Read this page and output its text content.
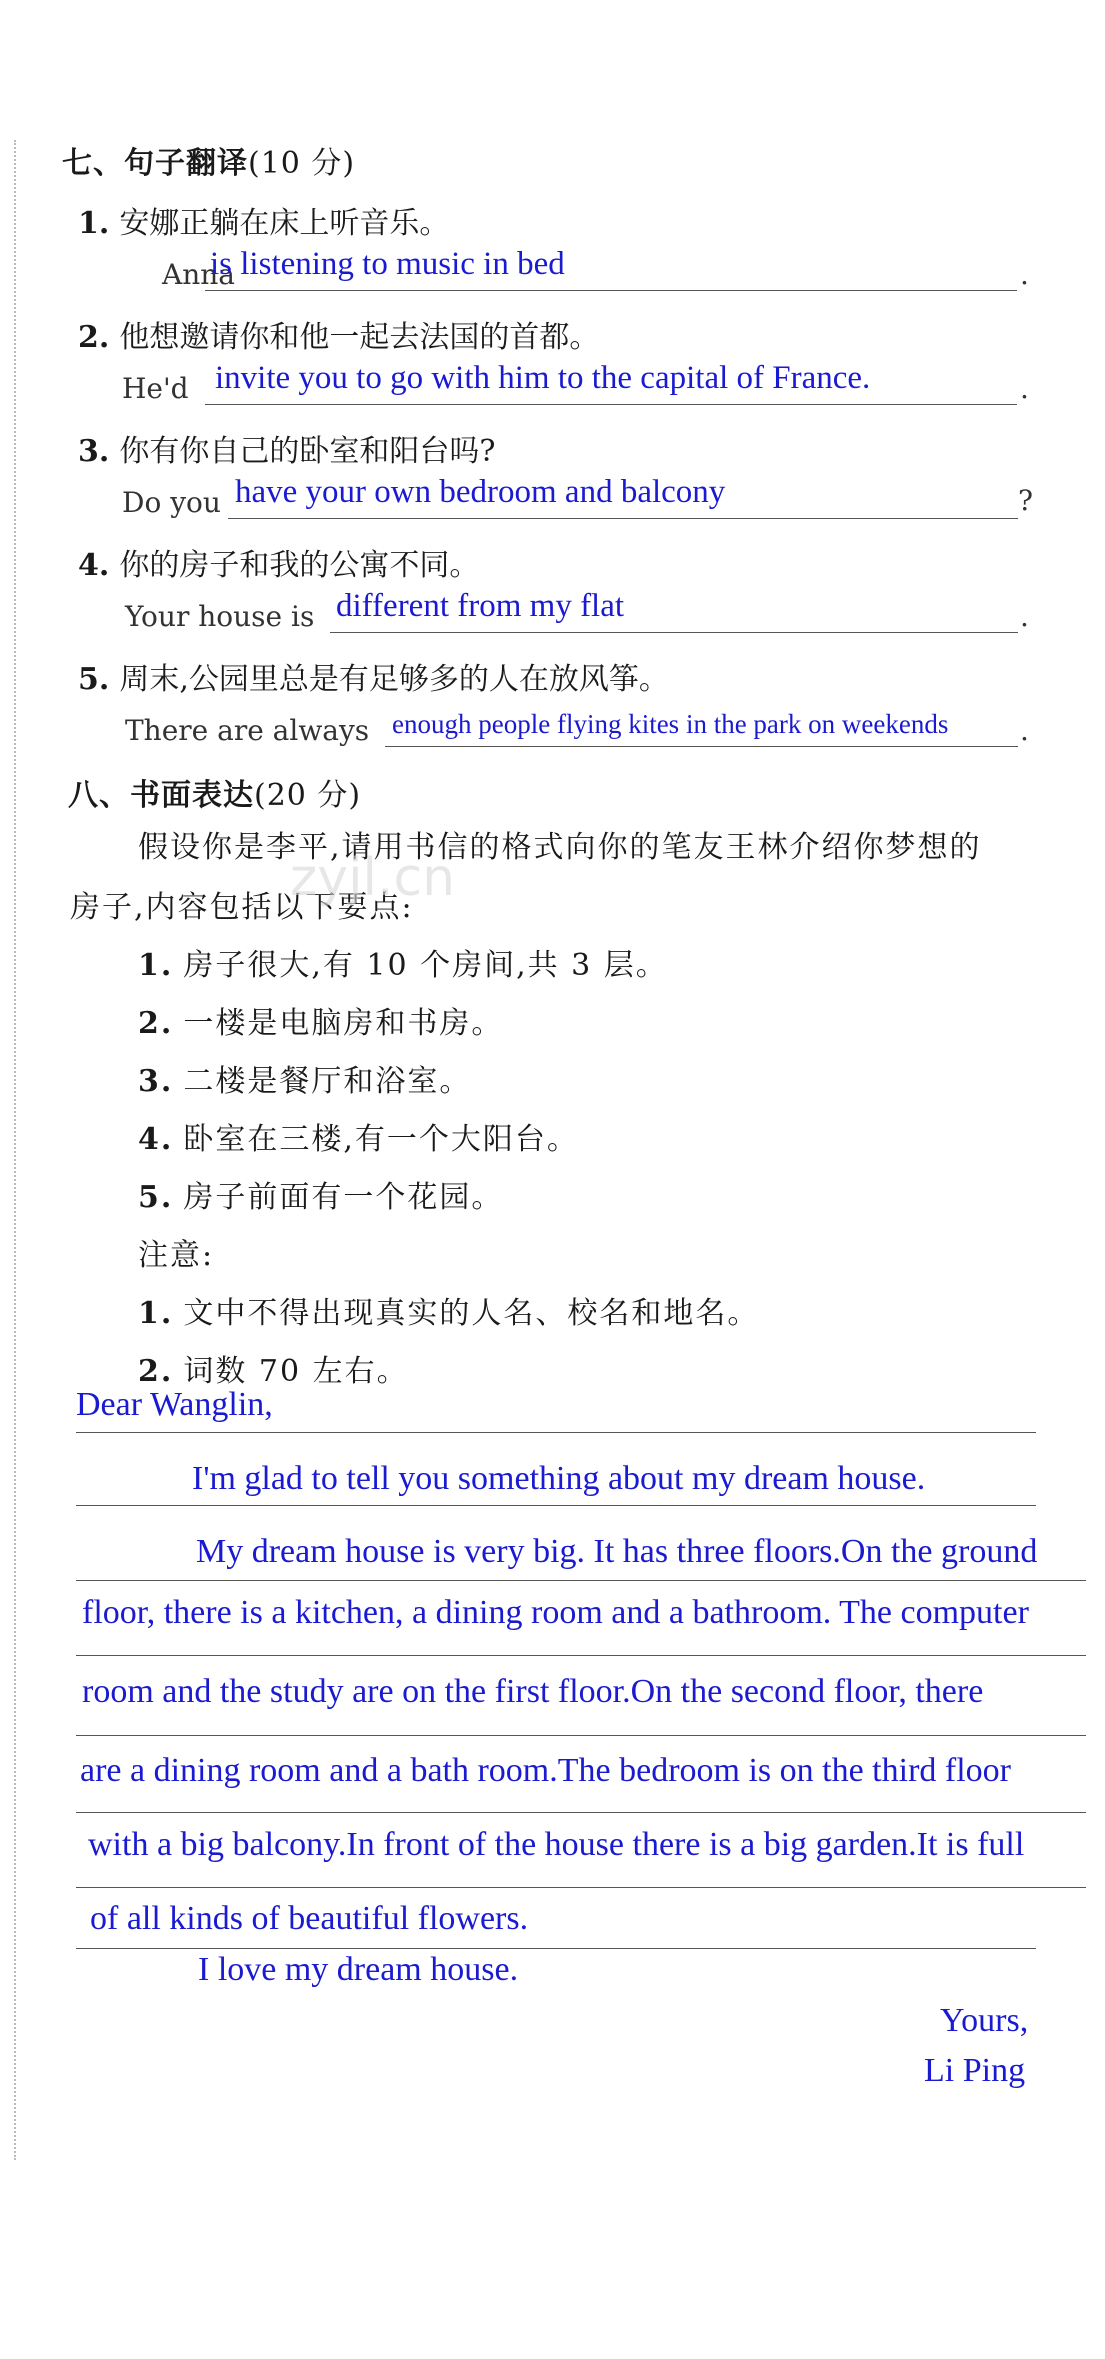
七、句子翻译(10 分)
1. 安娜正躺在床上听音乐。
Anna
is listening to music in bed	.
2. 他想邀请你和他一起去法国的首都。
He'd invite you to go with him to the capital of France.	.
3. 你有你自己的卧室和阳台吗?
Do you have your own bedroom and balcony	?
4. 你的房子和我的公寓不同。
Your house is different from my flat	.
5. 周末,公园里总是有足够多的人在放风筝。
There are always enough people flying kites in the park on weekends	.
八、书面表达(20 分)
假设你是李平,请用书信的格式向你的笔友王林介绍你梦想的
房子,内容包括以下要点:
zyjl.cn
1. 房子很大,有 10 个房间,共 3 层。
2. 一楼是电脑房和书房。
3. 二楼是餐厅和浴室。
4. 卧室在三楼,有一个大阳台。
5. 房子前面有一个花园。
注意:
1. 文中不得出现真实的人名、校名和地名。
2. 词数 70 左右。
Dear Wanglin,
I'm glad to tell you something about my dream house.
My dream house is very big. It has three floors.On the ground
floor, there is a kitchen, a dining room and a bathroom. The computer
room and the study are on the first floor.On the second floor, there
are a dining room and a bath room.The bedroom is on the third floor
with a big balcony.In front of the house there is a big garden.It is full
of all kinds of beautiful flowers.
I love my dream house.
Yours,
Li Ping
